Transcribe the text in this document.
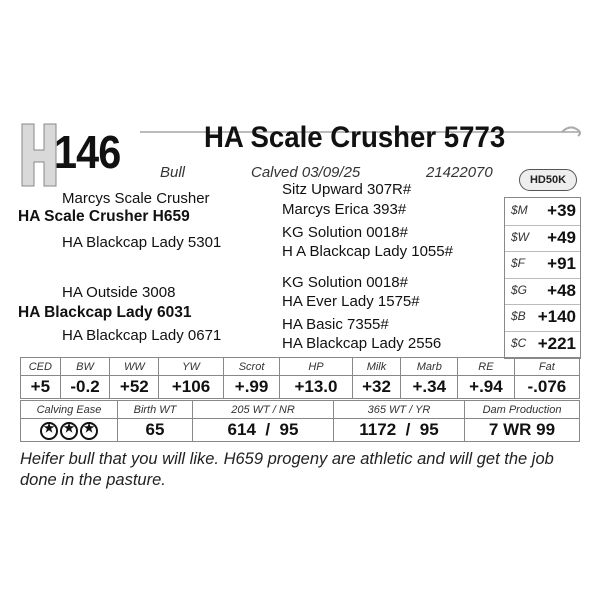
146	HA Scale Crusher 5773
Bull	Calved 03/09/25	21422070	HD50K
Marcys Scale Crusher
HA Scale Crusher H659
HA Blackcap Lady 5301
Sitz Upward 307R#
Marcys Erica 393#
KG Solution 0018#
H A Blackcap Lady 1055#
HA Outside 3008
HA Blackcap Lady 6031
HA Blackcap Lady 0671
KG Solution 0018#
HA Ever Lady 1575#
HA Basic 7355#
HA Blackcap Lady 2556
$M +39
$W +49
$F +91
$G +48
$B +140
$C +221
CED	BW	WW	YW	Scrot	HP	Milk	Marb	RE	Fat
+5	-0.2	+52	+106	+.99	+13.0	+32	+.34	+.94	-.076
Calving Ease	Birth WT	205 WT / NR	365 WT / YR	Dam Production
✭✭✭	65	614 / 95	1172 / 95	7 WR 99
Heifer bull that you will like. H659 progeny are athletic and will get the job done in the pasture.
